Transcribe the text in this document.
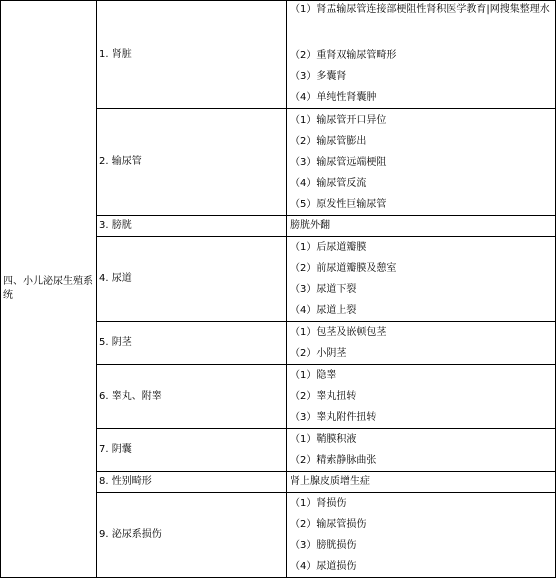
四、小儿泌尿生殖系统	1. 肾脏	（1）肾盂输尿管连接部梗阻性肾积医学教育|网搜集整理水
（2）重肾双输尿管畸形
（3）多囊肾
（4）单纯性肾囊肿

	2. 输尿管	（1）输尿管开口异位
（2）输尿管膨出
（3）输尿管远端梗阻
（4）输尿管反流
（5）原发性巨输尿管

	3. 膀胱	膀胱外翻

	4. 尿道	（1）后尿道瓣膜
（2）前尿道瓣膜及憩室
（3）尿道下裂
（4）尿道上裂

	5. 阴茎	（1）包茎及嵌顿包茎
（2）小阴茎

	6. 睾丸、附睾	（1）隐睾
（2）睾丸扭转
（3）睾丸附件扭转

	7. 阴囊	（1）鞘膜积液
（2）精索静脉曲张

	8. 性别畸形	肾上腺皮质增生症

	9. 泌尿系损伤	（1）肾损伤
（2）输尿管损伤
（3）膀胱损伤
（4）尿道损伤
